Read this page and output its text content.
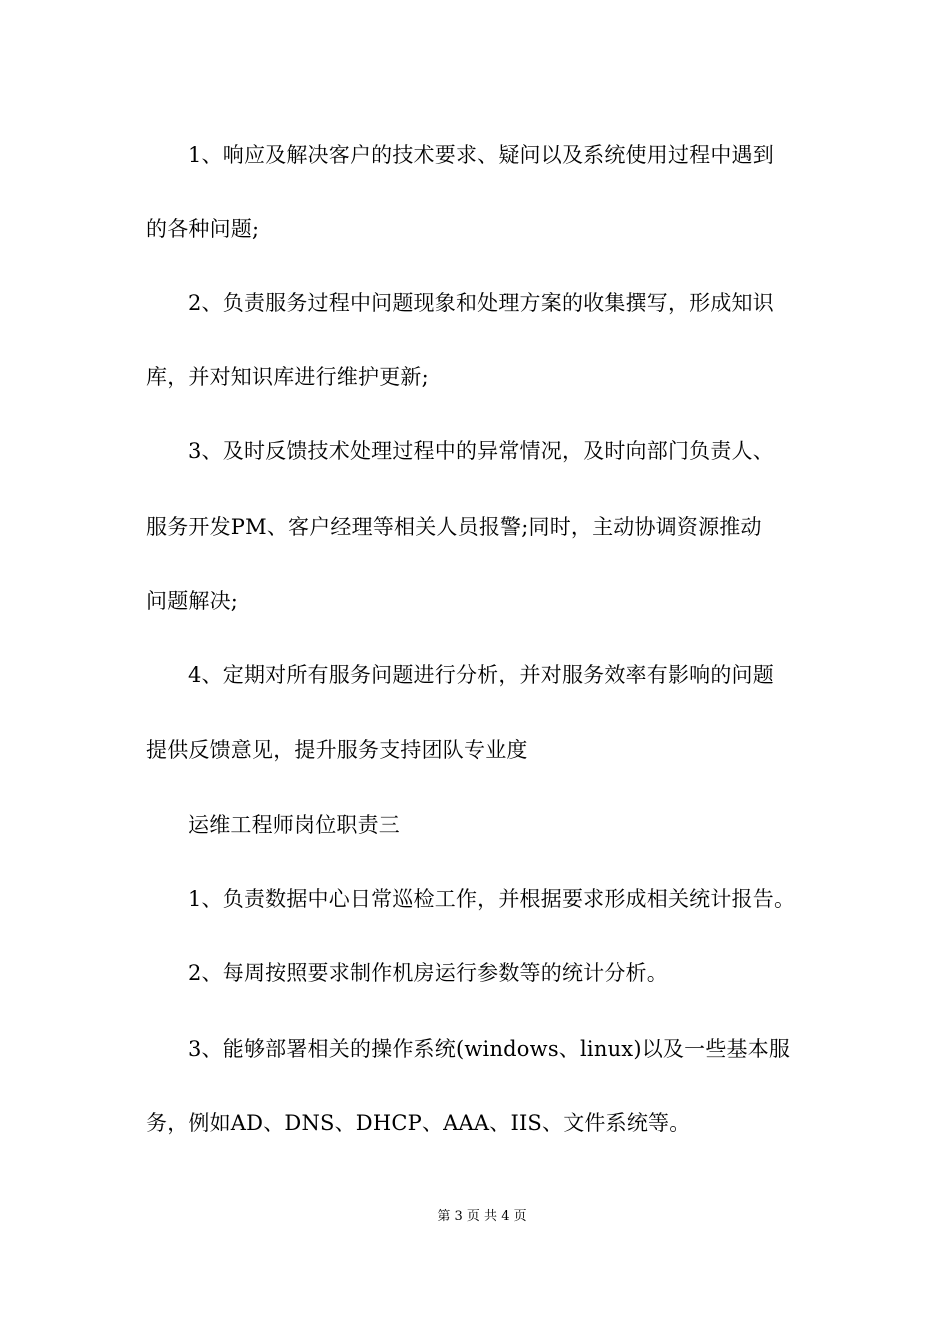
1、响应及解决客户的技术要求、疑问以及系统使用过程中遇到
的各种问题;
2、负责服务过程中问题现象和处理方案的收集撰写，形成知识
库，并对知识库进行维护更新;
3、及时反馈技术处理过程中的异常情况，及时向部门负责人、
服务开发PM、客户经理等相关人员报警;同时，主动协调资源推动
问题解决;
4、定期对所有服务问题进行分析，并对服务效率有影响的问题
提供反馈意见，提升服务支持团队专业度
运维工程师岗位职责三
1、负责数据中心日常巡检工作，并根据要求形成相关统计报告。
2、每周按照要求制作机房运行参数等的统计分析。
3、能够部署相关的操作系统(windows、linux)以及一些基本服
务，例如AD、DNS、DHCP、AAA、IIS、文件系统等。
第 3 页 共 4 页
